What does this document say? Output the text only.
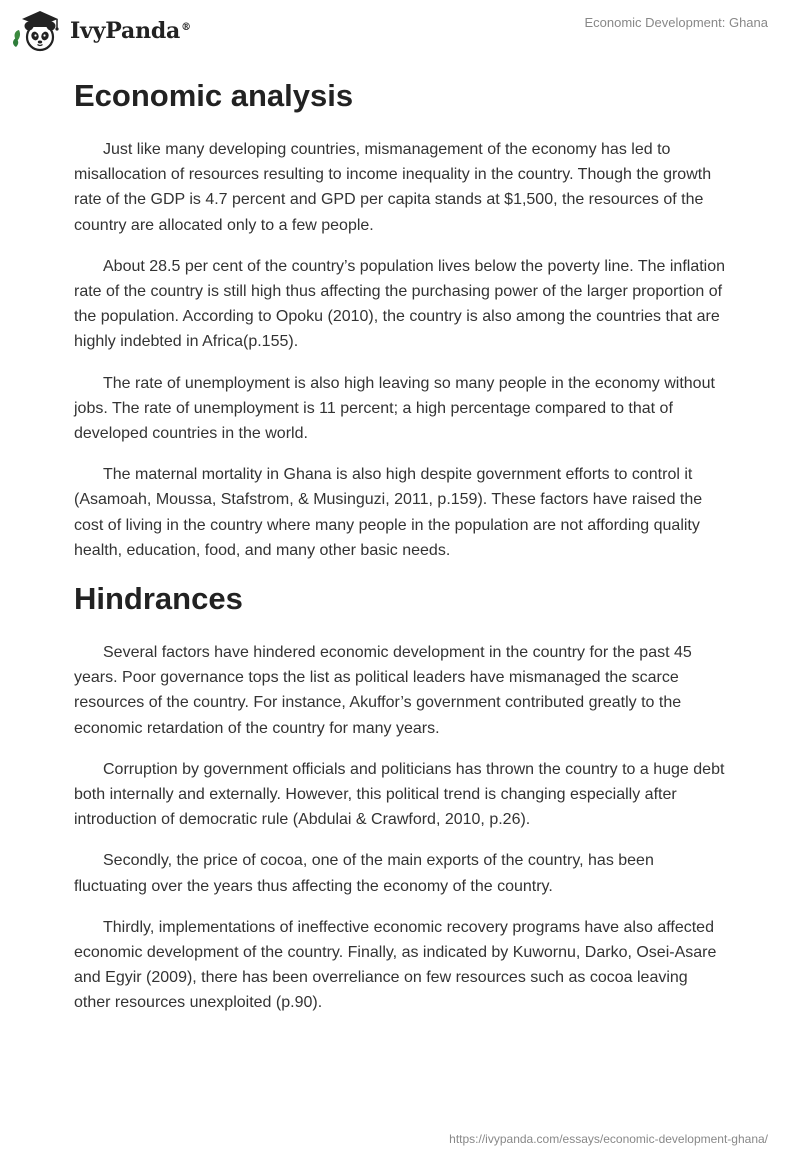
IvyPanda®	Economic Development: Ghana
Economic analysis

Just like many developing countries, mismanagement of the economy has led to misallocation of resources resulting to income inequality in the country. Though the growth rate of the GDP is 4.7 percent and GPD per capita stands at $1,500, the resources of the country are allocated only to a few people.

About 28.5 per cent of the country’s population lives below the poverty line. The inflation rate of the country is still high thus affecting the purchasing power of the larger proportion of the population. According to Opoku (2010), the country is also among the countries that are highly indebted in Africa(p.155).

The rate of unemployment is also high leaving so many people in the economy without jobs. The rate of unemployment is 11 percent; a high percentage compared to that of developed countries in the world.

The maternal mortality in Ghana is also high despite government efforts to control it (Asamoah, Moussa, Stafstrom, & Musinguzi, 2011, p.159). These factors have raised the cost of living in the country where many people in the population are not affording quality health, education, food, and many other basic needs.

Hindrances

Several factors have hindered economic development in the country for the past 45 years. Poor governance tops the list as political leaders have mismanaged the scarce resources of the country. For instance, Akuffor’s government contributed greatly to the economic retardation of the country for many years.

Corruption by government officials and politicians has thrown the country to a huge debt both internally and externally. However, this political trend is changing especially after introduction of democratic rule (Abdulai & Crawford, 2010, p.26).

Secondly, the price of cocoa, one of the main exports of the country, has been fluctuating over the years thus affecting the economy of the country.

Thirdly, implementations of ineffective economic recovery programs have also affected economic development of the country. Finally, as indicated by Kuwornu, Darko, Osei-Asare and Egyir (2009), there has been overreliance on few resources such as cocoa leaving other resources unexploited (p.90).

https://ivypanda.com/essays/economic-development-ghana/
